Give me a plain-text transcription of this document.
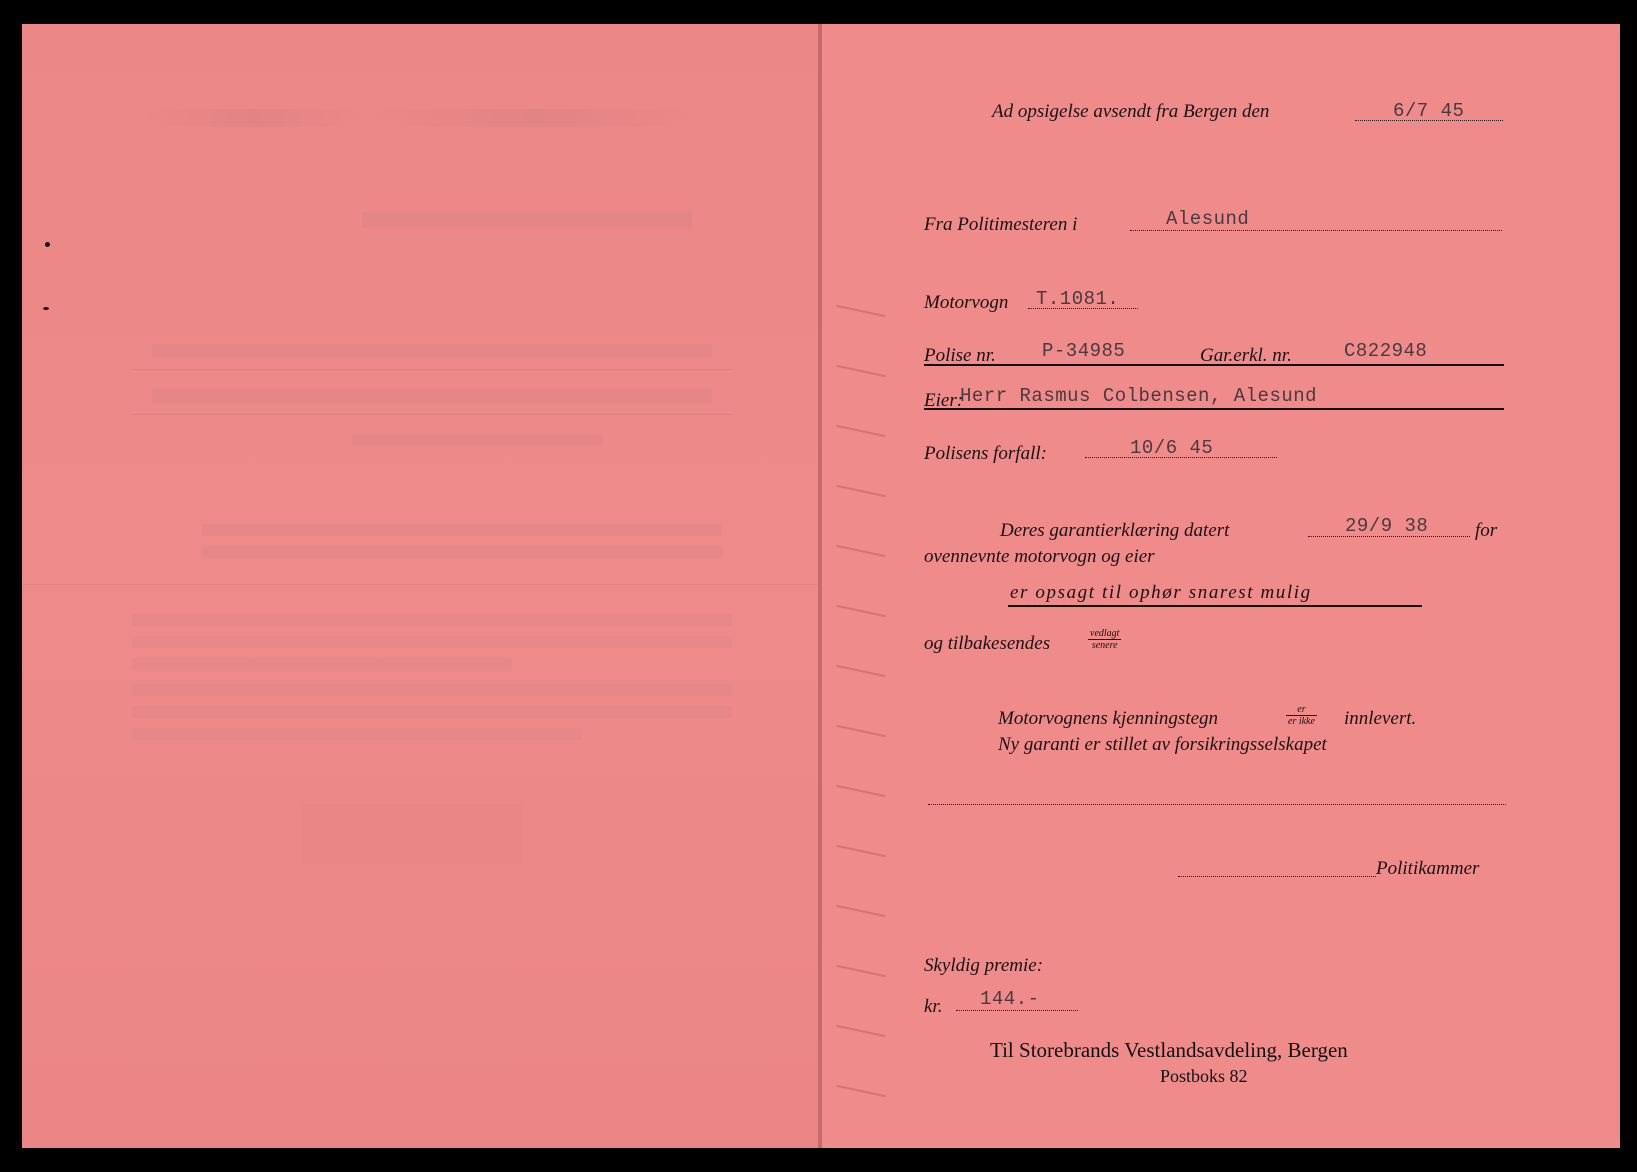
Ad opsigelse avsendt fra Bergen den	6/7 45
Fra Politimesteren i	Alesund
Motorvogn T.1081.
Polise nr. P-34985	Gar.erkl. nr.	C822948
Eier:
Herr Rasmus Colbensen, Alesund
Polisens forfall:	10/6 45
Deres garantierklæring datert	29/9 38 for
ovennevnte motorvogn og eier
er opsagt til ophør snarest mulig
og tilbakesendes	vedlagt
senere
Motorvognens kjenningstegn	er
er ikke innlevert.
Ny garanti er stillet av forsikringsselskapet
Politikammer
Skyldig premie:
kr. 144.-
Til Storebrands Vestlandsavdeling, Bergen
Postboks 82
